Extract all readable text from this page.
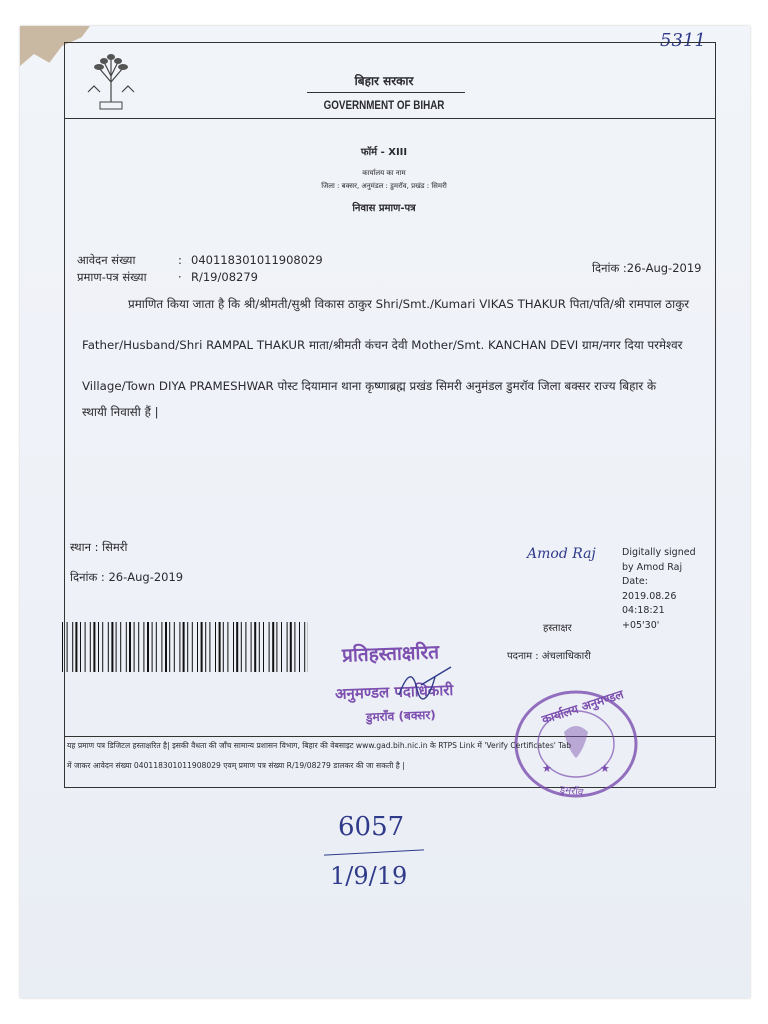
5311
बिहार सरकार
GOVERNMENT OF BIHAR
फॉर्म - XIII
कार्यालय का नाम
जिला : बक्सर, अनुमंडल : डुमरॉव, प्रखंड : सिमरी
निवास प्रमाण-पत्र
आवेदन संख्या	: 040118301011908029
प्रमाण-पत्र संख्या	· R/19/08279
दिनांक :26-Aug-2019
प्रमाणित किया जाता है कि श्री/श्रीमती/सुश्री विकास ठाकुर Shri/Smt./Kumari VIKAS THAKUR पिता/पति/श्री रामपाल ठाकुर
Father/Husband/Shri RAMPAL THAKUR माता/श्रीमती कंचन देवी Mother/Smt. KANCHAN DEVI ग्राम/नगर दिया परमेश्वर
Village/Town DIYA PRAMESHWAR पोस्ट दियामान थाना कृष्णाब्रह्म प्रखंड सिमरी अनुमंडल डुमरॉव जिला बक्सर राज्य बिहार के
स्थायी निवासी हैं |
स्थान : सिमरी
दिनांक : 26-Aug-2019
Amod Raj	Digitally signed
by Amod Raj
Date:
2019.08.26
04:18:21
+05'30'
हस्ताक्षर
पदनाम : अंचलाधिकारी
प्रतिहस्ताक्षरित
अनुमण्डल पदाधिकारी
डुमराँव (बक्सर)
★	★
कार्यालय अनुमण्डल
डुमराँव
यह प्रमाण पत्र डिजिटल हस्ताक्षरित है| इसकी वैधता की जाँच सामान्य प्रशासन विभाग, बिहार की वेबसाइट www.gad.bih.nic.in के RTPS Link में 'Verify Certificates' Tab
में जाकर आवेदन संख्या 040118301011908029 एवम् प्रमाण पत्र संख्या R/19/08279 डालकर की जा सकती है |
6057
1/9/19
